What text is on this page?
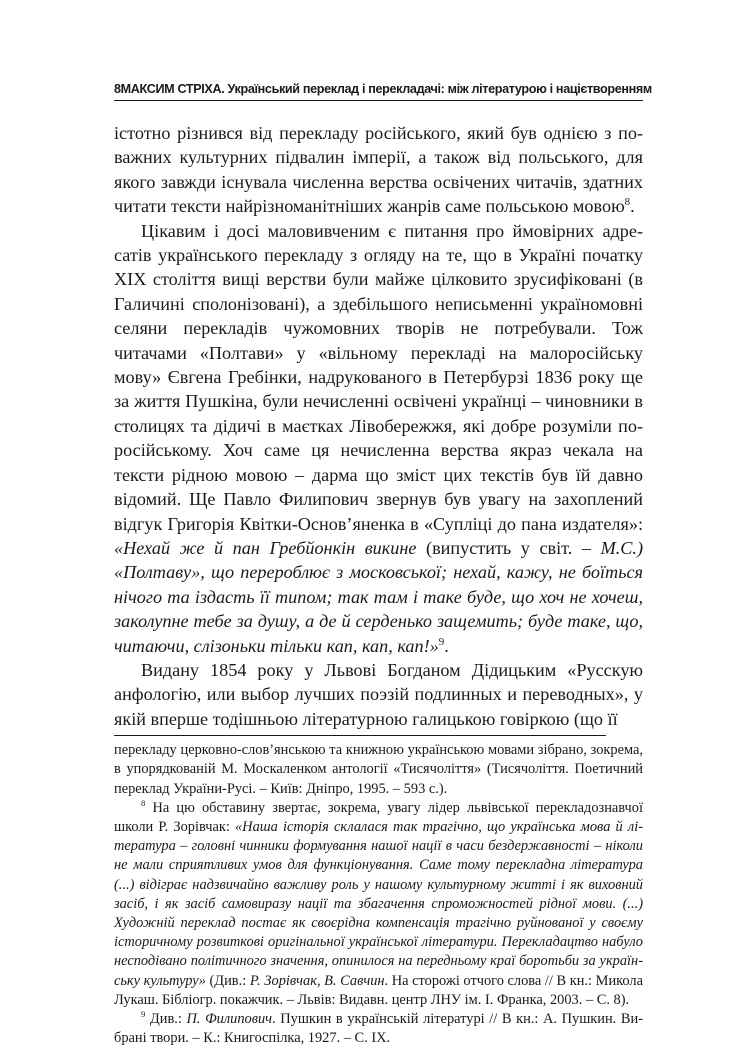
8 МАКСИМ СТРІХА. Український переклад і перекладачі: між літературою і націєтворенням

істотно різнився від перекладу російського, який був однією з поважних культурних підвалин імперії, а також від польського, для якого завжди існувала численна верства освічених читачів, здатних читати тексти найрізноманітніших жанрів саме польською мовою$^8$.

Цікавим і досі маловивченим є питання про ймовірних адресатів українського перекладу з огляду на те, що в Україні початку XIX століття вищі верстви були майже цілковито зрусифіковані (в Галичині сполонізовані), а здебільшого неписьменні україномовні селяни перекладів чужомовних творів не потребували. Тож читачами «Полтави» у «вільному перекладі на малоросійську мову» Євгена Гребінки, надрукованого в Петербурзі 1836 року ще за життя Пушкіна, були нечисленні освічені українці – чиновники в столицях та дідичі в маєтках Лівобережжя, які добре розуміли по-російському. Хоч саме ця нечисленна верства якраз чекала на тексти рідною мовою – дарма що зміст цих текстів був їй давно відомий. Ще Павло Филипович звернув був увагу на захоплений відгук Григорія Квітки-Основ’яненка в «Супліці до пана издателя»: «Нехай же й пан Гребйонкін викине (випустить у світ. – М.С.) «Полтаву», що перероблює з московської; нехай, кажу, не боїться нічого та іздасть її типом; так там і таке буде, що хоч не хочеш, заколупне тебе за душу, а де й серденько защемить; буде таке, що, читаючи, слізоньки тільки кап, кап, кап!»$^9$.

Видану 1854 року у Львові Богданом Дідицьким «Русскую анфологію, или выбор лучших поэзій подлинных и переводных», у якій вперше тодішньою літературною галицькою говіркою (що її

перекладу церковно-слов’янською та книжною українською мовами зібрано, зокрема, в упорядкованій М. Москаленком антології «Тисячоліття» (Тисячоліття. Поетичний переклад України-Русі. – Київ: Дніпро, 1995. – 593 с.).

$^8$ На цю обставину звертає, зокрема, увагу лідер львівської перекладознавчої школи Р. Зорівчак: «Наша історія склалася так трагічно, що українська мова й література – головні чинники формування нашої нації в часи бездержавності – ніколи не мали сприятливих умов для функціонування. Саме тому перекладна література (...) відіграє надзвичайно важливу роль у нашому культурному житті і як виховний засіб, і як засіб самовиразу нації та збагачення спроможностей рідної мови. (...) Художній переклад постає як своєрідна компенсація трагічно руйнованої у своєму історичному розвиткові оригінальної української літератури. Перекладацтво набуло несподівано політичного значення, опинилося на передньому краї боротьби за українську культуру» (Див.: Р. Зорівчак, В. Савчин. На сторожі отчого слова // В кн.: Микола Лукаш. Бібліогр. покажчик. – Львів: Видавн. центр ЛНУ ім. І. Франка, 2003. – С. 8).

$^9$ Див.: П. Филипович. Пушкин в українській літературі // В кн.: А. Пушкин. Вибрані твори. – К.: Книгоспілка, 1927. – С. IX.
